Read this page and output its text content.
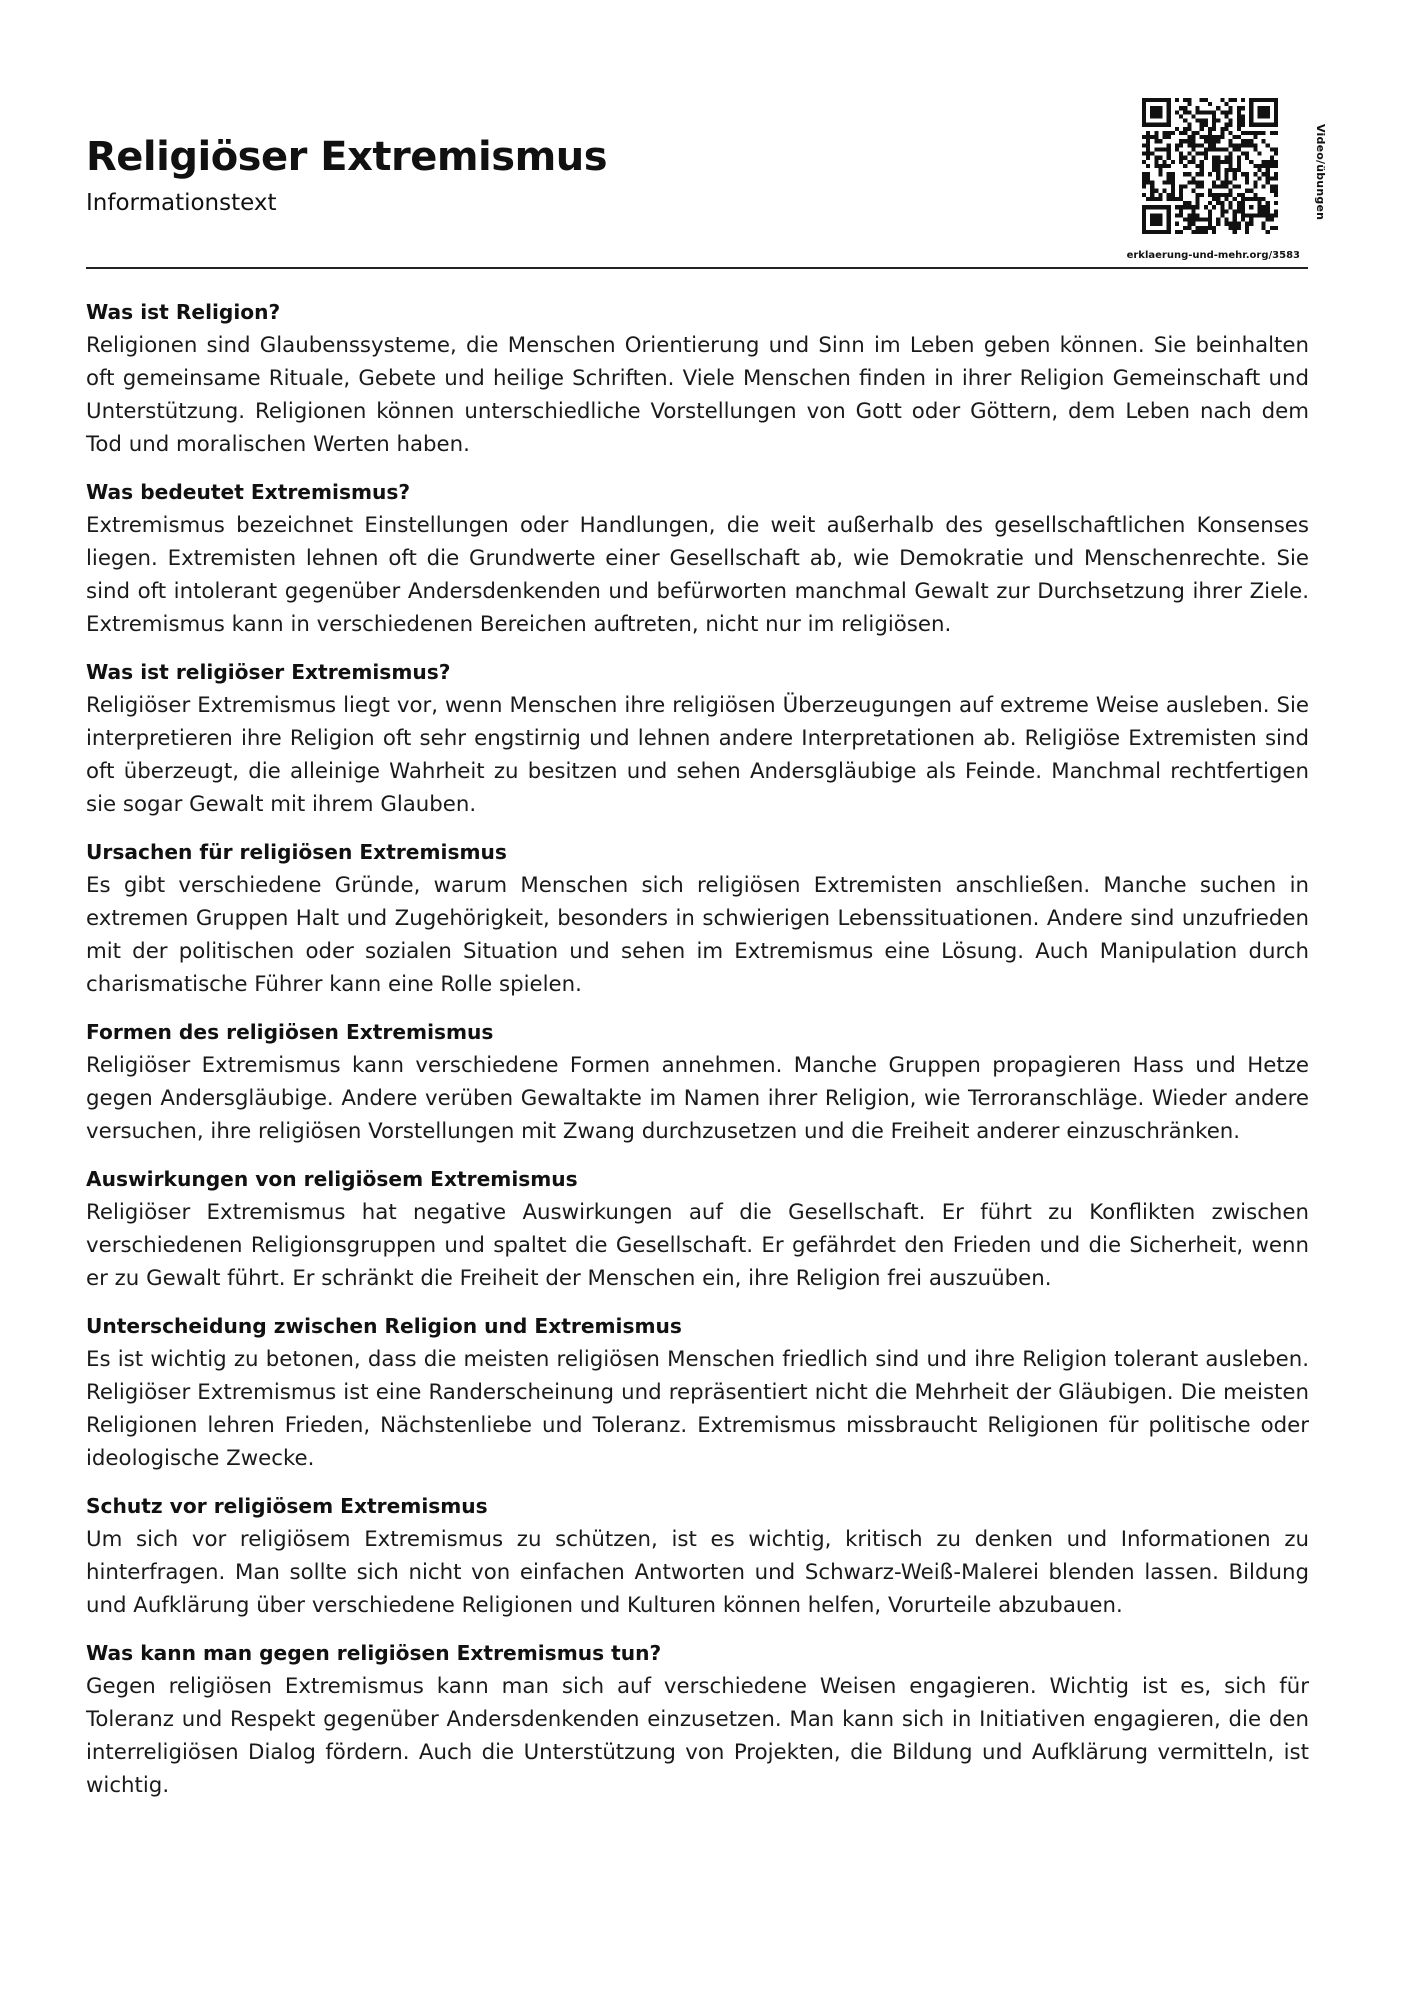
Religiöser Extremismus
Informationstext	Video/übungen
erklaerung-und-mehr.org/3583
Was ist Religion?

Religionen sind Glaubenssysteme, die Menschen Orientierung und Sinn im Leben geben können. Sie beinhalten oft gemeinsame Rituale, Gebete und heilige Schriften. Viele Menschen finden in ihrer Religion Gemeinschaft und Unterstützung. Religionen können unterschiedliche Vorstellungen von Gott oder Göttern, dem Leben nach dem Tod und moralischen Werten haben.

Was bedeutet Extremismus?

Extremismus bezeichnet Einstellungen oder Handlungen, die weit außerhalb des gesellschaftlichen Konsenses liegen. Extremisten lehnen oft die Grundwerte einer Gesellschaft ab, wie Demokratie und Menschenrechte. Sie sind oft intolerant gegenüber Andersdenkenden und befürworten manchmal Gewalt zur Durchsetzung ihrer Ziele. Extremismus kann in verschiedenen Bereichen auftreten, nicht nur im religiösen.

Was ist religiöser Extremismus?

Religiöser Extremismus liegt vor, wenn Menschen ihre religiösen Überzeugungen auf extreme Weise ausleben. Sie interpretieren ihre Religion oft sehr engstirnig und lehnen andere Interpretationen ab. Religiöse Extremisten sind oft überzeugt, die alleinige Wahrheit zu besitzen und sehen Andersgläubige als Feinde. Manchmal rechtfertigen sie sogar Gewalt mit ihrem Glauben.

Ursachen für religiösen Extremismus

Es gibt verschiedene Gründe, warum Menschen sich religiösen Extremisten anschließen. Manche suchen in extremen Gruppen Halt und Zugehörigkeit, besonders in schwierigen Lebenssituationen. Andere sind unzufrieden mit der politischen oder sozialen Situation und sehen im Extremismus eine Lösung. Auch Manipulation durch charismatische Führer kann eine Rolle spielen.

Formen des religiösen Extremismus

Religiöser Extremismus kann verschiedene Formen annehmen. Manche Gruppen propagieren Hass und Hetze gegen Andersgläubige. Andere verüben Gewaltakte im Namen ihrer Religion, wie Terroranschläge. Wieder andere versuchen, ihre religiösen Vorstellungen mit Zwang durchzusetzen und die Freiheit anderer einzuschränken.

Auswirkungen von religiösem Extremismus

Religiöser Extremismus hat negative Auswirkungen auf die Gesellschaft. Er führt zu Konflikten zwischen verschiedenen Religionsgruppen und spaltet die Gesellschaft. Er gefährdet den Frieden und die Sicherheit, wenn er zu Gewalt führt. Er schränkt die Freiheit der Menschen ein, ihre Religion frei auszuüben.

Unterscheidung zwischen Religion und Extremismus

Es ist wichtig zu betonen, dass die meisten religiösen Menschen friedlich sind und ihre Religion tolerant ausleben. Religiöser Extremismus ist eine Randerscheinung und repräsentiert nicht die Mehrheit der Gläubigen. Die meisten Religionen lehren Frieden, Nächstenliebe und Toleranz. Extremismus missbraucht Religionen für politische oder ideologische Zwecke.

Schutz vor religiösem Extremismus

Um sich vor religiösem Extremismus zu schützen, ist es wichtig, kritisch zu denken und Informationen zu hinterfragen. Man sollte sich nicht von einfachen Antworten und Schwarz-Weiß-Malerei blenden lassen. Bildung und Aufklärung über verschiedene Religionen und Kulturen können helfen, Vorurteile abzubauen.

Was kann man gegen religiösen Extremismus tun?

Gegen religiösen Extremismus kann man sich auf verschiedene Weisen engagieren. Wichtig ist es, sich für Toleranz und Respekt gegenüber Andersdenkenden einzusetzen. Man kann sich in Initiativen engagieren, die den interreligiösen Dialog fördern. Auch die Unterstützung von Projekten, die Bildung und Aufklärung vermitteln, ist wichtig.
